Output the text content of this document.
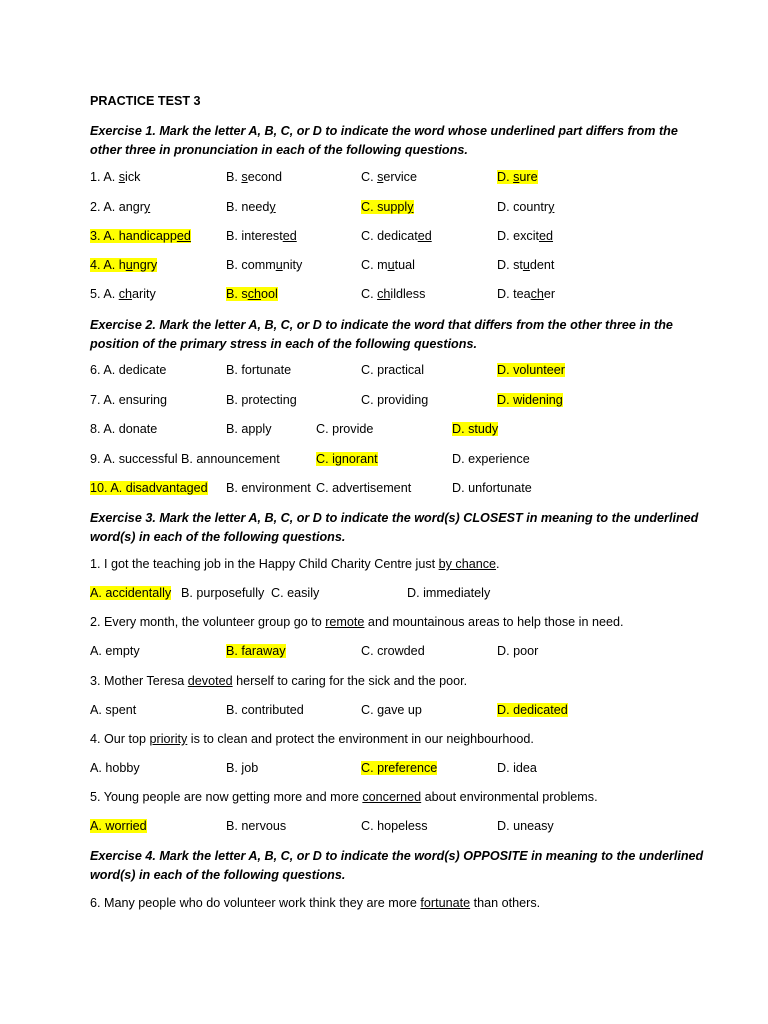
PRACTICE TEST 3
Exercise 1. Mark the letter A, B, C, or D to indicate the word whose underlined part differs from the
other three in pronunciation in each of the following questions.
1. A. sick	B. second	C. service	D. sure
2. A. angry	B. needy	C. supply	D. country
3. A. handicapped	B. interested	C. dedicated	D. excited
4. A. hungry	B. community	C. mutual	D. student
5. A. charity	B. school	C. childless	D. teacher
Exercise 2. Mark the letter A, B, C, or D to indicate the word that differs from the other three in the
position of the primary stress in each of the following questions.
6. A. dedicate	B. fortunate	C. practical	D. volunteer
7. A. ensuring	B. protecting	C. providing	D. widening
8. A. donate	B. apply	C. provide	D. study
9. A. successful B. announcement	C. ignorant	D. experience
10. A. disadvantaged B. environment C. advertisement	D. unfortunate
Exercise 3. Mark the letter A, B, C, or D to indicate the word(s) CLOSEST in meaning to the underlined
word(s) in each of the following questions.
1. I got the teaching job in the Happy Child Charity Centre just by chance.
A. accidentally B. purposefully C. easily	D. immediately
2. Every month, the volunteer group go to remote and mountainous areas to help those in need.
A. empty	B. faraway	C. crowded	D. poor
3. Mother Teresa devoted herself to caring for the sick and the poor.
A. spent	B. contributed	C. gave up	D. dedicated
4. Our top priority is to clean and protect the environment in our neighbourhood.
A. hobby	B. job	C. preference	D. idea
5. Young people are now getting more and more concerned about environmental problems.
A. worried	B. nervous	C. hopeless	D. uneasy
Exercise 4. Mark the letter A, B, C, or D to indicate the word(s) OPPOSITE in meaning to the underlined
word(s) in each of the following questions.
6. Many people who do volunteer work think they are more fortunate than others.
